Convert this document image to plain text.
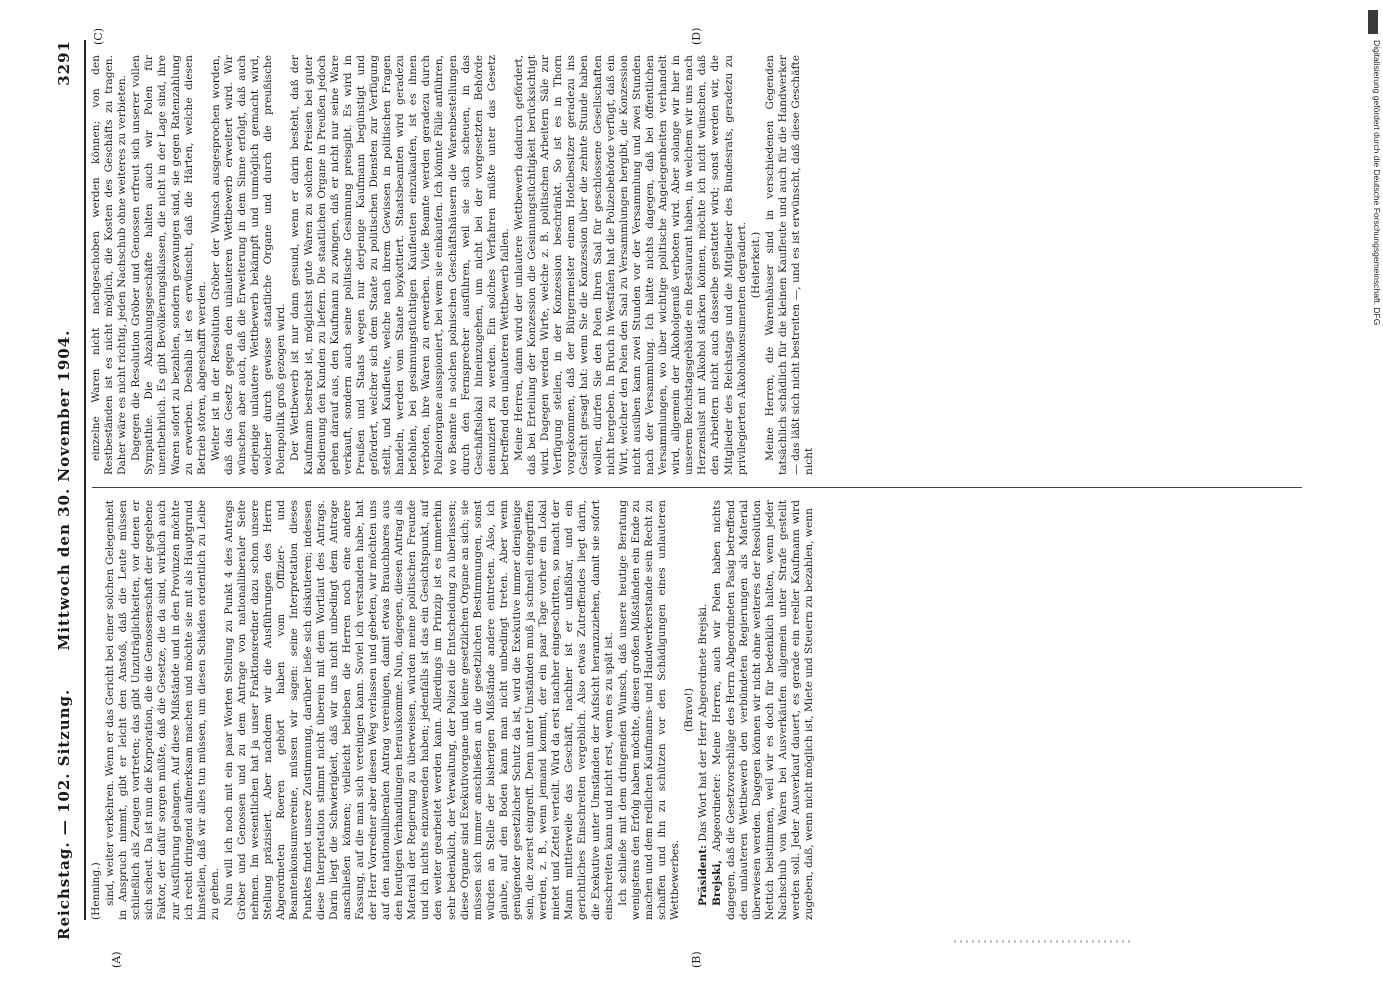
Digitalisierung gefördert durch die Deutsche Forschungsgemeinschaft. DFG
Reichstag. — 102. Sitzung.
Mittwoch den 30. November 1904.
3291
(A)	(B)
(C)	(D)

(Henning.) sind, weiter verkehren. Wenn er das Gericht bei einer solchen Gelegenheit in Anspruch nimmt, gibt er leicht den Anstoß, daß die Leute müssen schließlich als Zeugen vortreten; das gibt Unzuträglichkeiten, vor denen er sich scheut. Da ist nun die Korporation, die die Genossenschaft der gegebene Faktor, der dafür sorgen müßte, daß die Gesetze, die da sind, wirklich auch zur Ausführung gelangen. Auf diese Mißstände und in den Provinzen möchte ich recht dringend aufmerksam machen und möchte sie mit als Hauptgrund hinstellen, daß wir alles tun müssen, um diesen Schäden ordentlich zu Leibe zu gehen. Nun will ich noch mit ein paar Worten Stellung zu Punkt 4 des Antrags Gröber und Genossen und zu dem Antrage von nationalliberaler Seite nehmen. Im wesentlichen hat ja unser Fraktionsredner dazu schon unsere Stellung präzisiert. Aber nachdem wir die Ausführungen des Herrn Abgeordneten Roeren gehört haben vom Offizier- und Beamtenkonsumvereine, müssen wir sagen: seine Interpretation dieses Punktes findet unsere Zustimmung, darüber ließe sich diskutieren; indessen diese Interpretation stimmt nicht überein mit dem Wortlaut des Antrags. Darin liegt die Schwierigkeit, daß wir uns nicht unbedingt dem Antrage anschließen können; vielleicht belieben die Herren noch eine andere Fassung, auf die man sich vereinigen kann. Soviel ich verstanden habe, hat der Herr Vorredner aber diesen Weg verlassen und gebeten, wir möchten uns auf den nationalliberalen Antrag vereinigen, damit etwas Brauchbares aus den heutigen Verhandlungen herauskomme. Nun, dagegen, diesen Antrag als Material der Regierung zu überweisen, würden meine politischen Freunde und ich nichts einzuwenden haben; jedenfalls ist das ein Gesichtspunkt, auf den weiter gearbeitet werden kann. Allerdings im Prinzip ist es immerhin sehr bedenklich, der Verwaltung, der Polizei die Entscheidung zu überlassen; diese Organe sind Exekutivorgane und keine gesetzlichen Organe an sich; sie müssen sich immer anschließen an die gesetzlichen Bestimmungen, sonst würden an Stelle der bisherigen Mißstände andere eintreten. Also, ich glaube, auf den Boden kann man nicht unbedingt treten. Aber wenn genügender gesetzlicher Schutz da ist, wird die Exekutive immer dienjenige sein, die zuerst eingreift. Denn unter Umständen muß ja schnell eingegriffen werden, z. B., wenn jemand kommt, der ein paar Tage vorher ein Lokal mietet und Zettel verteilt. Wird da erst nachher eingeschritten, so macht der Mann mittlerweile das Geschäft, nachher ist er unfaßbar, und ein gerichtliches Einschreiten vergeblich. Also etwas Zutreffendes liegt darin, die Exekutive unter Umständen der Aufsicht heranzuziehen, damit sie sofort einschreiten kann und nicht erst, wenn es zu spät ist. Ich schließe mit dem dringenden Wunsch, daß unsere heutige Beratung wenigstens den Erfolg haben möchte, diesen großen Mißständen ein Ende zu machen und dem redlichen Kaufmanns- und Handwerkerstande sein Recht zu schaffen und ihn zu schützen vor den Schädigungen eines unlauteren Wettbewerbes.

(Bravo!)

Präsident: Das Wort hat der Herr Abgeordnete Brejski.

Brejski, Abgeordneter: Meine Herren, auch wir Polen haben nichts dagegen, daß die Gesetzvorschläge des Herrn Abgeordneten Pasig betreffend den unlauteren Wettbewerb den verbündeten Regierungen als Material überwiesen werden. Dagegen können wir nicht ohne weiteres der Resolution Nettich beistimmen, weil wir es doch für bedenklich halten, wenn jeder Nachschub von Waren bei Ausverkäufen allgemein unter Strafe gestellt werden soll. Jeder Ausverkauf dauert, es gerade ein reeller Kaufmann wird zugeben, daß, wenn nicht möglich ist, Miete und Steuern zu bezahlen, wenn

einzelne Waren nicht nachgeschoben werden können; von den Restbeständen ist es nicht möglich, die Kosten des Geschäfts zu tragen. Daher wäre es nicht richtig, jeden Nachschub ohne weiteres zu verbieten. Dagegen die Resolution Gröber und Genossen erfreut sich unserer vollen Sympathie. Die Abzahlungsgeschäfte halten auch wir Polen für unentbehrlich. Es gibt Bevölkerungsklassen, die nicht in der Lage sind, ihre Waren sofort zu bezahlen, sondern gezwungen sind, sie gegen Ratenzahlung zu erwerben. Deshalb ist es erwünscht, daß die Härten, welche diesen Betrieb stören, abgeschafft werden. Weiter ist in der Resolution Gröber der Wunsch ausgesprochen worden, daß das Gesetz gegen den unlauteren Wettbewerb erweitert wird. Wir wünschen aber auch, daß die Erweiterung in dem Sinne erfolgt, daß auch derjenige unlautere Wettbewerb bekämpft und unmöglich gemacht wird, welcher durch gewisse staatliche Organe und durch die preußische Polenpolitik groß gezogen wird. Der Wettbewerb ist nur dann gesund, wenn er darin besteht, daß der Kaufmann bestrebt ist, möglichst gute Waren zu solchen Preisen bei guter Bedienung den Kunden zu liefern. Die staatlichen Organe in Preußen jedoch gehen darauf aus, den Kaufmann zu zwingen, daß er nicht nur seine Ware verkauft, sondern auch seine politische Gesinnung preisgibt. Es wird in Preußen und Staats wegen nur derjenige Kaufmann begünstigt und gefördert, welcher sich dem Staate zu politischen Diensten zur Verfügung stellt, und Kaufleute, welche nach ihrem Gewissen in politischen Fragen handeln, werden vom Staate boykottiert. Staatsbeamten wird geradezu befohlen, bei gesinnungstüchtigen Kaufleuten einzukaufen, ist es ihnen verboten, ihre Waren zu erwerben. Viele Beamte werden geradezu durch Polizeiorgane ausspioniert, bei wem sie einkaufen. Ich könnte Fälle anführen, wo Beamte in solchen polnischen Geschäftshäusern die Warenbestellungen durch den Fernsprecher ausführen, weil sie sich scheuen, in das Geschäftslokal hineinzugehen, um nicht bei der vorgesetzten Behörde denunziert zu werden. Ein solches Verfahren müßte unter das Gesetz betreffend den unlauteren Wettbewerb fallen. Meine Herren, dann wird der unlautere Wettbewerb dadurch gefördert, daß bei Erteilung der Konzession die Gesinnungstüchtigkeit berücksichtigt wird. Dagegen werden Wirte, welche z. B. politischen Arbeitern Säle zur Verfügung stellen, in der Konzession beschränkt. So ist es in Thorn vorgekommen, daß der Bürgermeister einem Hotelbesitzer geradezu ins Gesicht gesagt hat: wenn Sie die Konzession über die zehnte Stunde haben wollen, dürfen Sie den Polen Ihren Saal für geschlossene Gesellschaften nicht hergeben. In Bruch in Westfalen hat die Polizeibehörde verfügt, daß ein Wirt, welcher den Polen den Saal zu Versammlungen hergibt, die Konzession nicht ausüben kann zwei Stunden vor der Versammlung und zwei Stunden nach der Versammlung. Ich hätte nichts dagegen, daß bei öffentlichen Versammlungen, wo über wichtige politische Angelegenheiten verhandelt wird, allgemein der Alkoholgenuß verboten wird. Aber solange wir hier in unserem Reichstagsgebäude ein Restaurant haben, in welchem wir uns nach Herzenslust mit Alkohol stärken können, möchte ich nicht wünschen, daß den Arbeitern nicht auch dasselbe gestattet wird; sonst werden wir, die Mitglieder des Reichstags und die Mitglieder des Bundesrats, geradezu zu privilegierten Alkoholkonsumenten degradiert. (Heiterkeit.) Meine Herren, die Warenhäuser sind in verschiedenen Gegenden tatsächlich schädlich für die kleinen Kaufleute und auch für die Handwerker — das läßt sich nicht bestreiten —, und es ist erwünscht, daß diese Geschäfte nicht
